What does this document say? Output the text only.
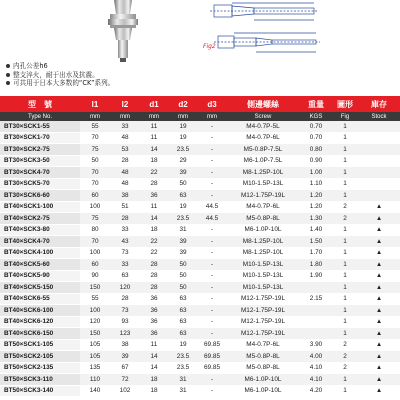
Fig2
内孔公差h6
整支淬火，耐于出水及抗震。
可共用于日本大多数的“CK”系列。
型　號	l1	l2	d1	d2	d3	側邊螺絲	重量	圖形	庫存
Type No.	mm	mm	mm	mm	mm	Screw	KGS	Fig	Stock
BT30×SCK1-55	55	33	11	19	-	M4-0.7P-5L	0.70	1	
BT30×SCK1-70	70	48	11	19	-	M4-0.7P-6L	0.70	1	
BT30×SCK2-75	75	53	14	23.5	-	M5-0.8P-7.5L	0.80	1	
BT30×SCK3-50	50	28	18	29	-	M6-1.0P-7.5L	0.90	1	
BT30×SCK4-70	70	48	22	39	-	M8-1.25P-10L	1.00	1	
BT30×SCK5-70	70	48	28	50	-	M10-1.5P-13L	1.10	1	
BT30×SCK6-60	60	38	36	63	-	M12-1.75P-19L	1.20	1	
BT40×SCK1-100	100	51	11	19	44.5	M4-0.7P-6L	1.20	2	▲
BT40×SCK2-75	75	28	14	23.5	44.5	M5-0.8P-8L	1.30	2	▲
BT40×SCK3-80	80	33	18	31	-	M6-1.0P-10L	1.40	1	▲
BT40×SCK4-70	70	43	22	39	-	M8-1.25P-10L	1.50	1	▲
BT40×SCK4-100	100	73	22	39	-	M8-1.25P-10L	1.70	1	▲
BT40×SCK5-60	60	33	28	50	-	M10-1.5P-13L	1.80	1	▲
BT40×SCK5-90	90	63	28	50	-	M10-1.5P-13L	1.90	1	▲
BT40×SCK5-150	150	120	28	50	-	M10-1.5P-13L		1	▲
BT40×SCK6-55	55	28	36	63	-	M12-1.75P-19L	2.15	1	▲
BT40×SCK6-100	100	73	36	63	-	M12-1.75P-19L		1	▲
BT40×SCK6-120	120	93	36	63	-	M12-1.75P-19L		1	▲
BT40×SCK6-150	150	123	36	63	-	M12-1.75P-19L		1	▲
BT50×SCK1-105	105	38	11	19	69.85	M4-0.7P-6L	3.90	2	▲
BT50×SCK2-105	105	39	14	23.5	69.85	M5-0.8P-8L	4.00	2	▲
BT50×SCK2-135	135	67	14	23.5	69.85	M5-0.8P-8L	4.10	2	▲
BT50×SCK3-110	110	72	18	31	-	M6-1.0P-10L	4.10	1	▲
BT50×SCK3-140	140	102	18	31	-	M6-1.0P-10L	4.20	1	▲
